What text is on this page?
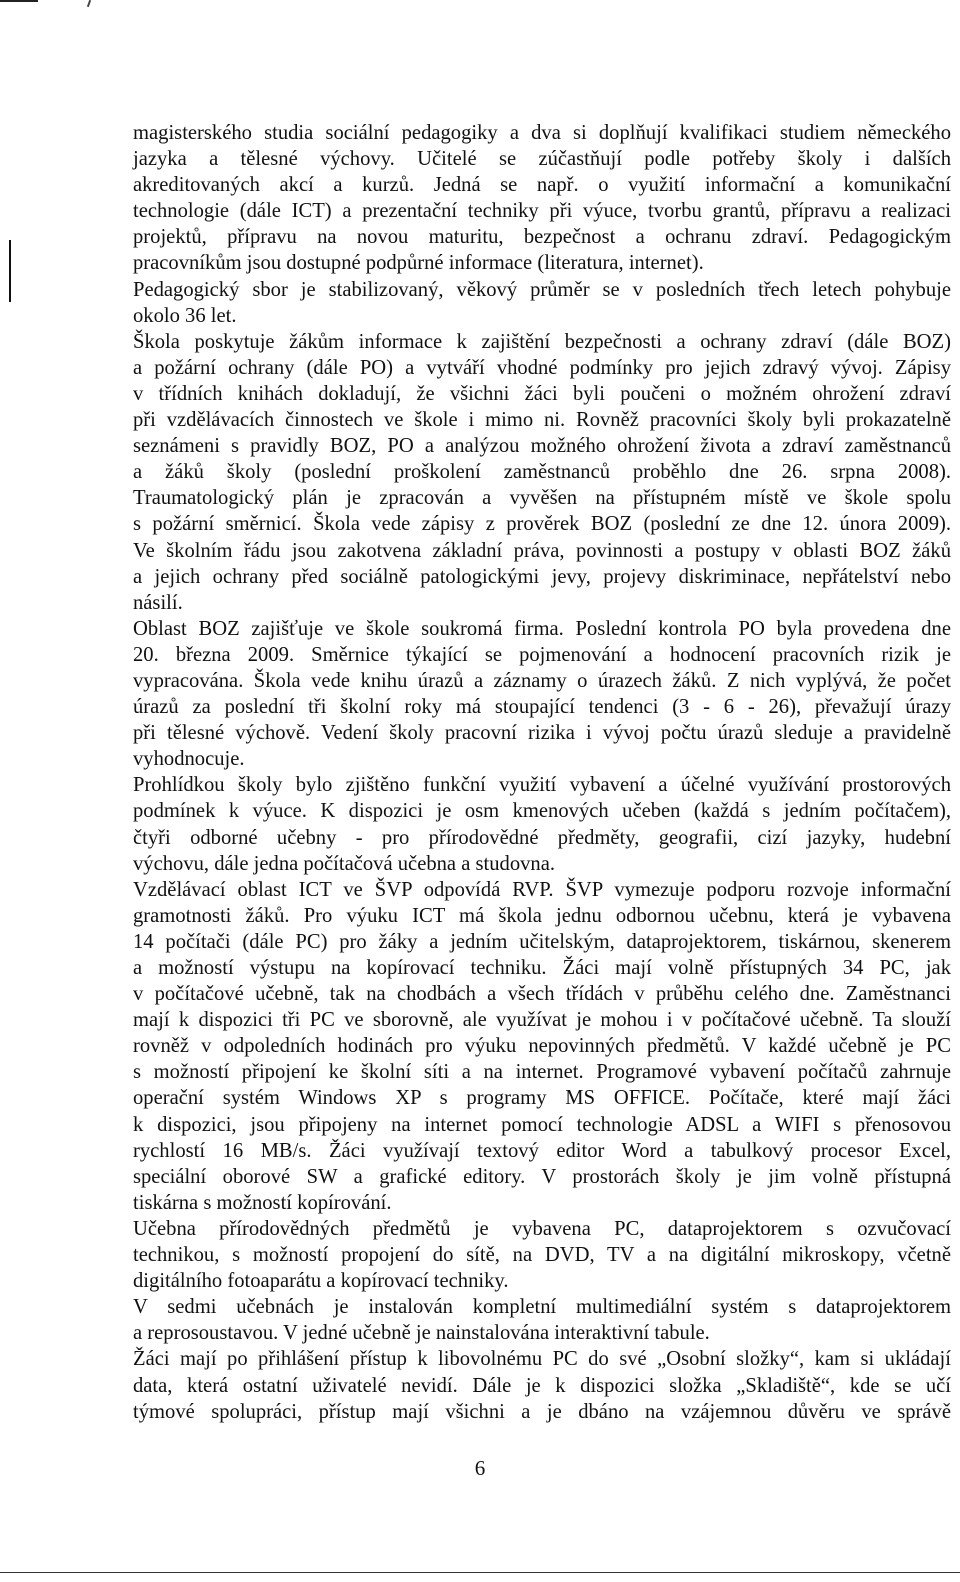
magisterského studia sociální pedagogiky a dva si doplňují kvalifikaci studiem německého
jazyka a tělesné výchovy. Učitelé se zúčastňují podle potřeby školy i dalších
akreditovaných akcí a kurzů. Jedná se např. o využití informační a komunikační
technologie (dále ICT) a prezentační techniky při výuce, tvorbu grantů, přípravu a realizaci
projektů, přípravu na novou maturitu, bezpečnost a ochranu zdraví. Pedagogickým
pracovníkům jsou dostupné podpůrné informace (literatura, internet).
Pedagogický sbor je stabilizovaný, věkový průměr se v posledních třech letech pohybuje
okolo 36 let.
Škola poskytuje žákům informace k zajištění bezpečnosti a ochrany zdraví (dále BOZ)
a požární ochrany (dále PO) a vytváří vhodné podmínky pro jejich zdravý vývoj. Zápisy
v třídních knihách dokladují, že všichni žáci byli poučeni o možném ohrožení zdraví
při vzdělávacích činnostech ve škole i mimo ni. Rovněž pracovníci školy byli prokazatelně
seznámeni s pravidly BOZ, PO a analýzou možného ohrožení života a zdraví zaměstnanců
a žáků školy (poslední proškolení zaměstnanců proběhlo dne 26. srpna 2008).
Traumatologický plán je zpracován a vyvěšen na přístupném místě ve škole spolu
s požární směrnicí. Škola vede zápisy z prověrek BOZ (poslední ze dne 12. února 2009).
Ve školním řádu jsou zakotvena základní práva, povinnosti a postupy v oblasti BOZ žáků
a jejich ochrany před sociálně patologickými jevy, projevy diskriminace, nepřátelství nebo
násilí.
Oblast BOZ zajišťuje ve škole soukromá firma. Poslední kontrola PO byla provedena dne
20. března 2009. Směrnice týkající se pojmenování a hodnocení pracovních rizik je
vypracována. Škola vede knihu úrazů a záznamy o úrazech žáků. Z nich vyplývá, že počet
úrazů za poslední tři školní roky má stoupající tendenci (3 - 6 - 26), převažují úrazy
při tělesné výchově. Vedení školy pracovní rizika i vývoj počtu úrazů sleduje a pravidelně
vyhodnocuje.
Prohlídkou školy bylo zjištěno funkční využití vybavení a účelné využívání prostorových
podmínek k výuce. K dispozici je osm kmenových učeben (každá s jedním počítačem),
čtyři odborné učebny - pro přírodovědné předměty, geografii, cizí jazyky, hudební
výchovu, dále jedna počítačová učebna a studovna.
Vzdělávací oblast ICT ve ŠVP odpovídá RVP. ŠVP vymezuje podporu rozvoje informační
gramotnosti žáků. Pro výuku ICT má škola jednu odbornou učebnu, která je vybavena
14 počítači (dále PC) pro žáky a jedním učitelským, dataprojektorem, tiskárnou, skenerem
a možností výstupu na kopírovací techniku. Žáci mají volně přístupných 34 PC, jak
v počítačové učebně, tak na chodbách a všech třídách v průběhu celého dne. Zaměstnanci
mají k dispozici tři PC ve sborovně, ale využívat je mohou i v počítačové učebně. Ta slouží
rovněž v odpoledních hodinách pro výuku nepovinných předmětů. V každé učebně je PC
s možností připojení ke školní síti a na internet. Programové vybavení počítačů zahrnuje
operační systém Windows XP s programy MS OFFICE. Počítače, které mají žáci
k dispozici, jsou připojeny na internet pomocí technologie ADSL a WIFI s přenosovou
rychlostí 16 MB/s. Žáci využívají textový editor Word a tabulkový procesor Excel,
speciální oborové SW a grafické editory. V prostorách školy je jim volně přístupná
tiskárna s možností kopírování.
Učebna přírodovědných předmětů je vybavena PC, dataprojektorem s ozvučovací
technikou, s možností propojení do sítě, na DVD, TV a na digitální mikroskopy, včetně
digitálního fotoaparátu a kopírovací techniky.
V sedmi učebnách je instalován kompletní multimediální systém s dataprojektorem
a reprosoustavou. V jedné učebně je nainstalována interaktivní tabule.
Žáci mají po přihlášení přístup k libovolnému PC do své „Osobní složky“, kam si ukládají
data, která ostatní uživatelé nevidí. Dále je k dispozici složka „Skladiště“, kde se učí
týmové spolupráci, přístup mají všichni a je dbáno na vzájemnou důvěru ve správě
6
